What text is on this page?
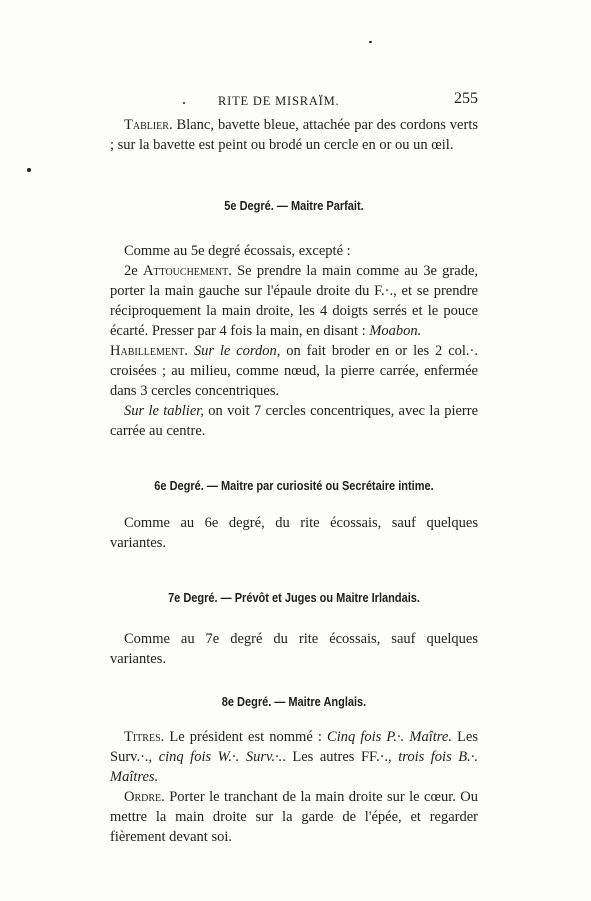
RITE DE MISRAÏM.	255

Tablier. Blanc, bavette bleue, attachée par des cordons verts ; sur la bavette est peint ou brodé un cercle en or ou un œil.

5e Degré. — Maitre Parfait.

Comme au 5e degré écossais, excepté :

2e Attouchement. Se prendre la main comme au 3e grade, porter la main gauche sur l'épaule droite du F.·., et se prendre réciproquement la main droite, les 4 doigts serrés et le pouce écarté. Presser par 4 fois la main, en disant : Moabon.

Habillement. Sur le cordon, on fait broder en or les 2 col.·. croisées ; au milieu, comme nœud, la pierre carrée, enfermée dans 3 cercles concentriques.

Sur le tablier, on voit 7 cercles concentriques, avec la pierre carrée au centre.

6e Degré. — Maitre par curiosité ou Secrétaire intime.

Comme au 6e degré, du rite écossais, sauf quelques variantes.

7e Degré. — Prévôt et Juges ou Maitre Irlandais.

Comme au 7e degré du rite écossais, sauf quelques variantes.

8e Degré. — Maitre Anglais.

Titres. Le président est nommé : Cinq fois P.·. Maître. Les Surv.·., cinq fois W.·. Surv.·.. Les autres FF.·., trois fois B.·. Maîtres.

Ordre. Porter le tranchant de la main droite sur le cœur. Ou mettre la main droite sur la garde de l'épée, et regarder fièrement devant soi.
